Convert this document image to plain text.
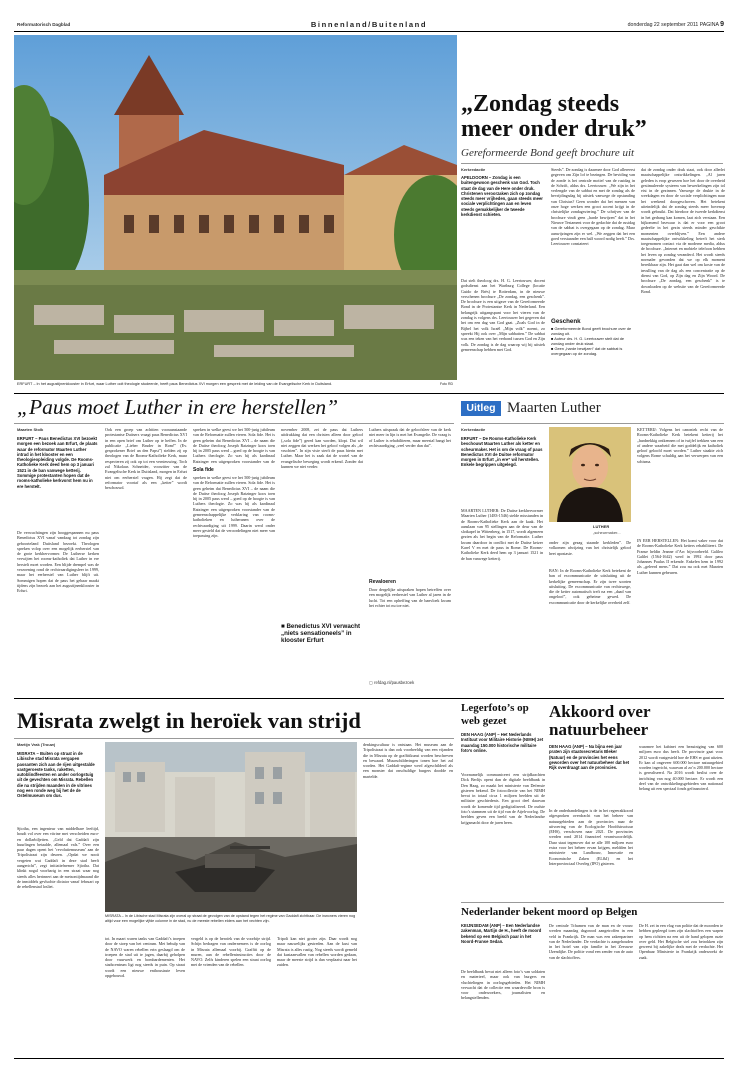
Reformatorisch Dagblad	Binnenland/Buitenland	donderdag 22 september 2011 PAGINA 9
ERFURT – In het augustijnenklooster in Erfurt, waar Luther ooit theologie studeerde, heeft paus Benedictus XVI morgen een gesprek met de leiding van de Evangelische Kerk in Duitsland.	Foto RD
„Zondag steeds
meer onder druk”
Gereformeerde Bond geeft brochure uit
Kerkredactie
APELDOORN – Zondag is een buitengewoon geschenk van God. Toch staat de dag van de Here onder druk. Christenen veroorzaken zich op zondag steeds meer vrijheden, gaan steeds meer sociale verplichtingen aan en leven steeds gemakkelijker de tweede kerkdienst schieten.
Dat stelt theoloog drs. H. G. Leertouwer, docent godsdienst aan het Wartburg College (locatie Guido de Brès) te Rotterdam, in de nieuwe verschenen brochure „De zondag, een geschenk”. De brochure is een uitgave van de Gereformeerde Bond in de Protestantse Kerk in Nederland. Een belangrijk uitgangspunt voor het vieren van de zondag is volgens drs. Leertouwer het gegeven dat het om een dag van God gaat. „Zoals God in de Bijbel het volk Israël „Mijn volk” noemt, zo spreekt Hij ook over „Mijn sabbatten.” De sabbat was een teken van het verbond tussen God en Zijn volk. De zondag is de dag waarop wij bij uitstek gemeenschap hebben met God.
Steeds”. De zondag is daarmee door God allereerst gegeven om Zijn lof te bezingen. De beviding van de zonde is het centrale motief van de rustdag in de Schrift, aldus drs. Leertouwer. „We zijn in het verlengde van de sabbat en met de zondag als de bevrijdingsdag bij uitstek vanwege de opstanding van Christus? Geen wonder dat het mensen van onze hoge werken een groot accent krijgt in de christelijke zondagsviering.” De schrijver van de brochure vindt geen „harde bewijzen” dat in het Nieuwe Testament voor de gedachte dat de rustdag van de sabbat is overgegaan op de zondag. Maar aanwijzingen zijn er wel. „We zeggen dat het een goed verstaander een half woord nodig heeft.” Drs. Leertouwer constateert
Geschenk
■ Gereformeerde Bond geeft brochure over de zondag uit.
■ Auteur drs. H. G. Leertouwer stelt dat de zondag onder druk staat.
■ Geen „harde bewijzen” dat de sabbat is overgegaan op de zondag.
dat de zondag onder druk staat, ook door allerlei maatschappelijke ontwikkelingen. „Al jaren geleden is erop gewezen hoe het door de overheid gestimuleerde systeem van bewerkelingen zijn tol eist in de gezinnen. Vanwege de drukte in de weekdagen en door de sociale verplichtingen naar het weekend doorgeschoven. Het betekent uiteindelijk dat de zondag steeds meer bovenop wordt gebruikt. Dat hierdoor de tweede kerkdienst in het gedrang kan komen, laat zich verstaan. Een bijkomend bezwaar is dat er voor een groot gedeelte in het gezin steeds minder geschikte momenten overblijven.” Een andere maatschappelijke ontwikkeling betreft het sterk toegenomen contact via de moderne media, aldus de brochure. „Internet en mobiele telefoon hebben het leven op zondag veranderd. Het wordt steeds normaler gevonden dat we op elk moment bereikbaar zijn. Het gaat dan wel om koste van de invulling van de dag als een concentratie op de dienst van God, op Zijn dag en Zijn Woord. De brochure „De zondag, een geschenk” is te downloaden op de website van de Gereformeerde Bond.
„Paus moet Luther in ere herstellen”	Uitleg Maarten Luther
Maarten Stolk
ERFURT – Paus Benedictus XVI bezoekt morgen een bezoek aan Erfurt, de plaats waar de reformator Maarten Luther intrad in het klooster en een theologieopleiding volgde. De Rooms-Katholieke Kerk deed hem op 3 januari 1521 in de ban vanwege ketterij. Sommige protestanten hopen dat de rooms-katholieke kerkvorst hem nu in ere herstelt.
De verwachtingen zijn hooggespannen nu paus Benedictus XVI vanaf vandaag tot zondag zijn geboorteland Duitsland bezoekt. Theologen spreken volop over een mogelijk eerherstel van de grote kerkhervormer. De Lutherse kerken verwijten het rooms-katholiek dat Luther in ere herstelt moet worden. Een blijde drempel was de verzoening rond de rechtvaardigingsleer in 1999, maar het eerherstel van Luther blijft uit. Sommigen hopen dat de paus het gebaar maakt tijdens zijn bezoek aan het augustijnenklooster in Erfurt.
Ook een groep van achttien vooraanstaande protestantse Duitsers vraagt paus Benedictus XVI in een open brief om Luther op te heffen. In de publicatie „Lieber Bruder in Rom!” (Ev. gesprokener Brief an den Papst”) stelden zij op theologen van de Rooms-Katholieke Kerk, maar respecteren zij ook op tot een vernieuwing. Toch zal Nikolaus Schneider, voorzitter van de Evangelische Kerk in Duitsland, morgen in Erfurt niet om eerherstel vragen. Hij zegt dat de reformator voortaf als een „ketter” wordt beschouwd.
spreken in welke geest we het 500-jarig jubileum van de Reformatie zullen vieren. Sola fide. Het is geen geheim dat Benedictus XVI – de naam die de Duitse theoloog Joseph Ratzinger koos toen hij in 2005 paus werd – goed op de hoogte is van Luthers theologie. Zo was hij als kardinaal Ratzinger een uitgesproken voorstander van de
Sola fide
spreken in welke geest we het 500-jarig jubileum van de Reformatie zullen vieren. Sola fide. Het is geen geheim dat Benedictus XVI – de naam die de Duitse theoloog Joseph Ratzinger koos toen hij in 2005 paus werd – goed op de hoogte is van Luthers theologie. Zo was hij als kardinaal Ratzinger een uitgesproken voorstander van de gemeenschappelijke verklaring van rooms-katholieken en lutheranen over de rechtvaardiging uit 1999. Daarin werd onder meer gesteld dat de veroordelingen niet meer van toepassing zijn.
november 2008, zei de paus dat Luthers uitdrukking dat een christen alleen door geloof („sola fide”) gered kan worden, klopt. Dat wil niet zeggen dat werken het geloof volgen als „de vruchten”. In zijn visie sterft de paus hierin met Luther. Maar het is zaak dat de wortel van de evangelische beweging wordt erkend. Zonder dat kunnen we niet verder.
■ Benedictus XVI verwacht „niets sensationeels” in klooster Erfurt
Luthers uitspraak dat de geloofsleer van de kerk niet meer in lijn is met het Evangelie. De vraag is of Luther is rehabiliteren, maar meestal hangt het rechtvaardiging „veel verder dan dat”.
Revaloeren
Door dergelijke uitspraken hopen betreffen over een mogelijk eerherstel van Luther al jaren in de lucht. Tot een opheffing van de banvloek kwam het echter tot nu toe niet.
▢ refdag.nl/pausbezoek
Kerkredactie
ERFURT – De Rooms-Katholieke Kerk beschouwt Maarten Luther als ketter en scheurmaker. Het is om de vraag of paus Benedictus XVI de Duitse reformator morgen in Erfurt „in ere” wil herstellen. Enkele begrippen uitgelegd.
MAARTEN LUTHER: De Duitse kerkhervormer Maarten Luther (1483-1546) stelde misstanden in de Rooms-Katholieke Kerk aan de kaak. Het aanslaan van 95 stellingen aan de deur van de slotkapel in Wittenberg, in 1517, wordt algemeen gezien als het begin van de Reformatie. Luther kwam daardoor in conflict met de Duitse keizer Karel V en met de paus in Rome. De Rooms-Katholieke Kerk deed hem op 3 januari 1521 in de ban vanwege ketterij.
LUTHER
„scheurmaker...
onder zijn gezag staande kerkleden”. De volkomen afwijzing van het christelijk geloof heet apostasie.
BAN: In de Rooms-Katholieke Kerk betekent de ban of excommunicatie de uitsluiting uit de kerkelijke gemeenschap. Er zijn twee soorten uitsluiting. De excommunicatie van rechtswege, die de ketter automatisch treft na een „daad van ongeloof”, ook geheime gewed. De excommunicatie door de kerkelijke overheid zelf.
KETTERIJ: Volgens het canoniek recht van de Rooms-Katholieke Kerk betekent ketterij het „hardnekkig ontkennen of in twijfel trekken van een of andere waarheid die met goddelijk en katholiek geloof geloofd moet worden.” Luther staakte zich volgens Rome schuldig aan het verwerpen van een schisma.
IN EER HERSTELLEN: Het komt vaker voor dat de Rooms-Katholieke Kerk ketters rehabiliteert. De Franse heldin Jeanne d’Arc bijvoorbeeld. Galileo Galilei (1564-1642) werd in 1992 door paus Johannes Paulus II erkende. Enkelen hem in 1992 als „geleerd mens.” Dat zou nu ook met Maarten Luther kunnen gebeuren.
Misrata zwelgt in heroïek van strijd
Martijn Vrak (Trouw)
MISRATA – Buiten op straat in de Libische stad Misrata vergapen passanten zich aan de rijen uitgestalde vastgeroeste tanks, raketten, autoblindfeesten en ander oorlogstuig uit de gevechten om Misrata. Rebellen die na strijden maanden in de vitrines nog een ronde weg bij het de de Ostelmuseum om dus.
Sjiotha, een ingenieur van middelbare leeftijd, houdt vol over een vitrine met verscheiden euro- en dollarbiljetten. „Geld dat Gaddafi zijn huurlingen betaalde, allemaal vals.” Over een paar dagen opent het ’revolutiemuseum’ aan de Tripolistraat zijn deuren. „Opdat we nooit vergeten wat Gaddafi in deze stad heeft aangericht”, zegt initiatiefnemer Sjiotha. Dat klinkt nogal voorbarig in een straat waar nog steeds alles herinnert aan de metsontijdmaand die de inmiddels gevluchte dictator vanaf februari op de rebellenstad losliet.
MISRATA – In de Libische stad Misrata zijn overal op straat de gevolgen van de opstand tegen het regime van Gaddafi zichtbaar. De inwoners vieren nog altijd voor een mogelijke vijfde colonne in de stad, nu de meeste rebellen elders aan het vechten zijn.
tot. In maart waren tanks van Gaddafi’s troepen door de stoep van het centrum. Met behulp van de NAVO waren rebellen erin geslaagd om de troepen de stad uit te jagen, daarbij geholpen door vuurwerk en bombardementen. Het stadscentrum ligt nog steeds in puin. Op straat wordt een nieuwe enthousiaste leven opgebouwd.
vergeld is op de heroïek van de voorbije strijd. Schijn bedragen van ondernemers is de oorlog in Misrata allemaal voorbij. Graffiti op de muren, aan de rebelleninstructies door de NAVO. Zelfs kinderen spelen een straat oorlog met de vrienden van de rebellen.
Tripoli kan niet groter zijn. Daar wordt nog maar nauwelijks gestreden. Aan de kust van Misrata is alles rustig. Nog steeds wordt gemeld dat kustaanvallen van rebellen worden gedaan, maar de meeste strijd is dan verplaatst naar het zuiden.
denkingscultuur is ontstaan. Het museum aan de Tripolistraat is dan ook voorbeeldig van een vijanden die in Misrata op de graffitikunst worden beschreven en bewaard. Muurschilderingen tonen hoe het zal worden. Het Gaddafi-regime werd afgeschilderd als een monster dat onschuldige burgers doodde en martelde.
Legerfoto’s op
web gezet
DEN HAAG (ANP) – Het Nederlands Instituut voor Militaire Historie (NIMH) zet maandag 150.000 historische militaire foto’s online.
Voornamelijk communiceert een strijdkrachten Dick Berlijs opent dan de digitale beeldbank in Den Haag, zo maakt het ministerie van Defensie gisteren bekend. De fotocollectie van het NIMH bevat in totaal circa 1 miljoen beelden uit de militaire geschiedenis. Een groot deel daarvan wordt de komende tijd gedigitaliseerd. De oudste foto’s stammen uit de tijd van de Atjeh-oorlog. De beelden geven een beeld van de Nederlandse krijgsmacht door de jaren heen.
Akkoord over
natuurbeheer
DEN HAAG (ANP) – Na bijna een jaar praten zijn staatssecretaris Bleker (Natuur) en de provincies het eens geworden over het natuurbeheer dat het Rijk overdraagt aan de provincies.
In de onderhandelingen is de in het regeerakkoord afgesproken overdracht van het beheer van natuurgebieden aan de provincies naar de uitvoering van de Ecologische Hoofdstructuur (EHS), verschoven naar 2021. De provincies werden rond 2014 financieel verantwoordelijk. Daar staat tegenover dat ze alle 100 miljoen euro extra voor het beheer ervan krijgen, meldden het ministerie van Landbouw, Innovatie en Economische Zaken (EL&I) en het Interprovinciaal Overleg (IPO) gisteren.
waarmee het kabinet een bezuiniging van 600 miljoen euro dus heeft. De provincie gaat voor 2012 wordt vastgesteld hoe de EHS er gaat uitzien. Er kan al ongeveer 600.000 hectare natuurgebied worden ingericht, waarvan al zo’n 200.000 hectare is gerealiseerd. Na 2016 wordt beslist over de inrichting van nog 40.000 hectare. Er wordt een deel van de ontwikkelingsgebieden van nationaal belang uit een speciaal fonds gefinancierd.
Nederlander bekent moord op Belgen
KEIJNSEDAM (ANP) – Een Nederlandse zakenman, Martijn de H., heeft de moord bekend op een Belgisch paar in het Noord-Franse Sedan.
De beeldbank bevat niet alleen foto’s van soldaten en materieel, maar ook van burgers en vluchtelingen in oorlogsgebieden. Het NIMH verwacht dat de collectie een waardevolle bron is voor onderzoekers, journalisten en belangstellenden.
De centrale Tchumen van de man en de vrouw werden maandag dagorood aangetroffen in een veld in Frankrijk. De man was een zakenpartner van de Nederlander. De verdachte is aangehouden in het hotel van zijn familie in het Zeeuwse IJzendijke. De politie vond een zender van de auto van de slachtoffers.
De H. zei in een vlag van politie dat de moorden te hebben gepleegd toen zijn slachtoffers een wapen op hem richtten na een uit de hand gelopen ruzie over geld. Het Belgische stel zou betrokken zijn geweest bij zakelijke deals met de verdachte. Het Openbaar Ministerie in Frankrijk onderzoekt de zaak.
